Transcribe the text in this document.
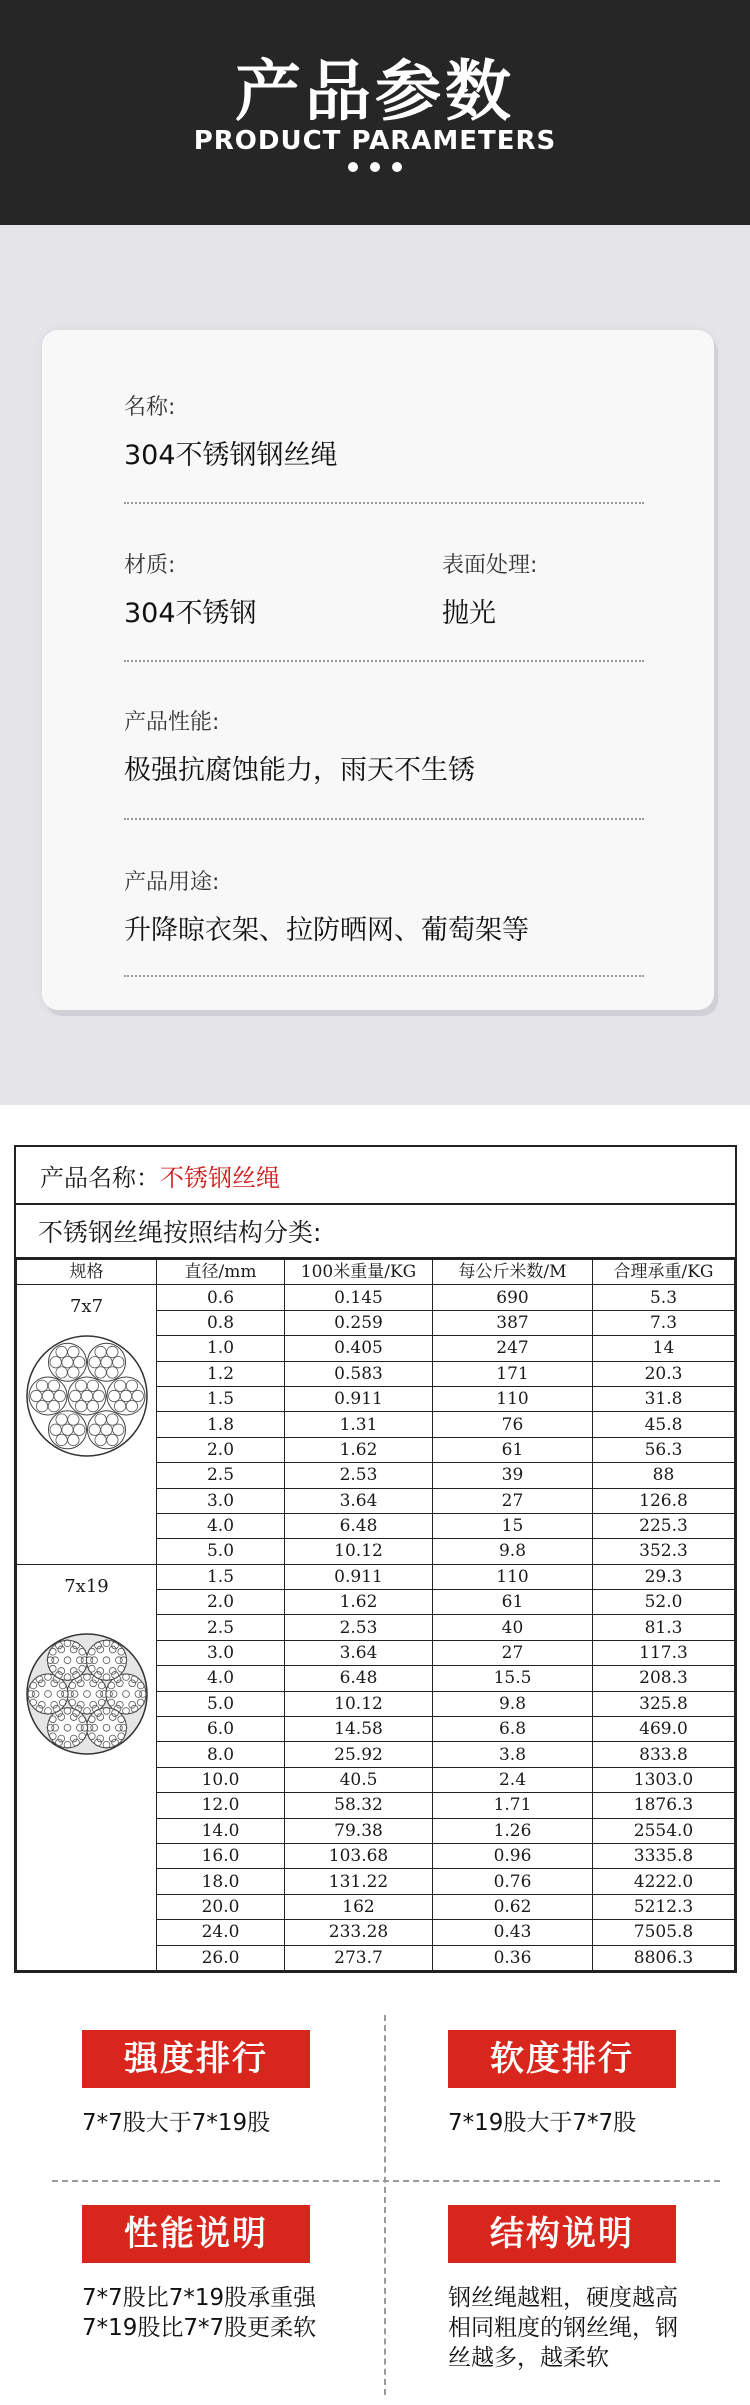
产品参数
PRODUCT PARAMETERS
名称:
304不锈钢钢丝绳
材质:
304不锈钢
表面处理:
抛光
产品性能:
极强抗腐蚀能力，雨天不生锈
产品用途:
升降晾衣架、拉防晒网、葡萄架等
产品名称： 不锈钢丝绳
不锈钢丝绳按照结构分类:
规格	直径/mm	100米重量/KG	每公斤米数/M	合理承重/KG

7x7	0.6	0.145	690	5.3
	0.8	0.259	387	7.3
	1.0	0.405	247	14
	1.2	0.583	171	20.3
	1.5	0.911	110	31.8
	1.8	1.31	76	45.8
	2.0	1.62	61	56.3
	2.5	2.53	39	88
	3.0	3.64	27	126.8
	4.0	6.48	15	225.3
	5.0	10.12	9.8	352.3

7x19	1.5	0.911	110	29.3
	2.0	1.62	61	52.0
	2.5	2.53	40	81.3
	3.0	3.64	27	117.3
	4.0	6.48	15.5	208.3
	5.0	10.12	9.8	325.8
	6.0	14.58	6.8	469.0
	8.0	25.92	3.8	833.8
	10.0	40.5	2.4	1303.0
	12.0	58.32	1.71	1876.3
	14.0	79.38	1.26	2554.0
	16.0	103.68	0.96	3335.8
	18.0	131.22	0.76	4222.0
	20.0	162	0.62	5212.3
	24.0	233.28	0.43	7505.8
	26.0	273.7	0.36	8806.3
强度排行
7*7股大于7*19股
软度排行
7*19股大于7*7股
性能说明
7*7股比7*19股承重强
7*19股比7*7股更柔软
结构说明
钢丝绳越粗，硬度越高
相同粗度的钢丝绳，钢
丝越多，越柔软
